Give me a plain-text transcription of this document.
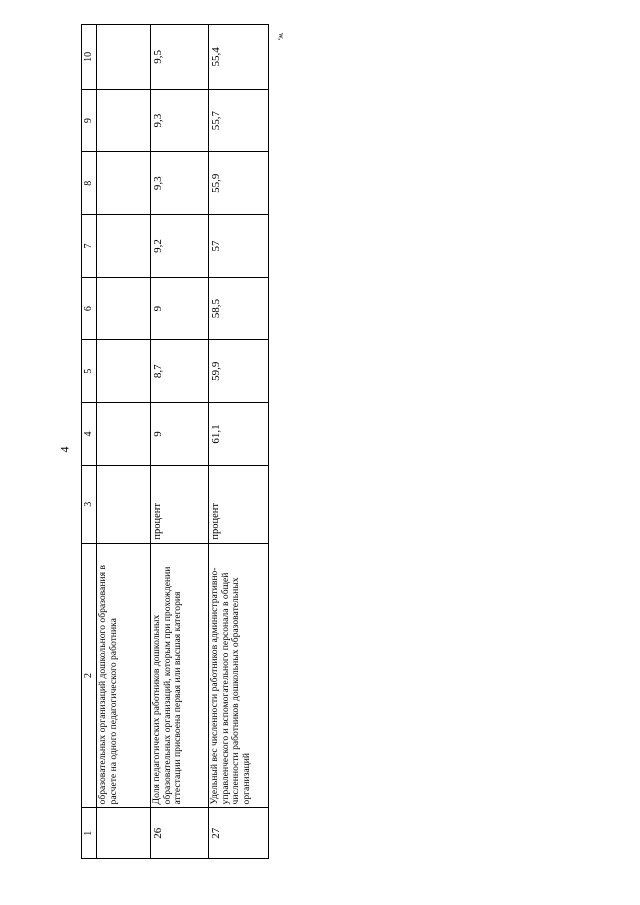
4
w,
1	2	3	4	5	6	7	8	9	10
	образовательных организаций дошкольного образования в расчете на одного педагогического работника								
26	Доля педагогических работников дошкольных образовательных организаций, которым при прохождении аттестации присвоена первая или высшая категория	процент	9	8,7	9	9,2	9,3	9,3	9,5
27	Удельный вес численности работников административно-управленческого и вспомогательного персонала в общей численности работников дошкольных образовательных организаций	процент	61,1	59,9	58,5	57	55,9	55,7	55,4
